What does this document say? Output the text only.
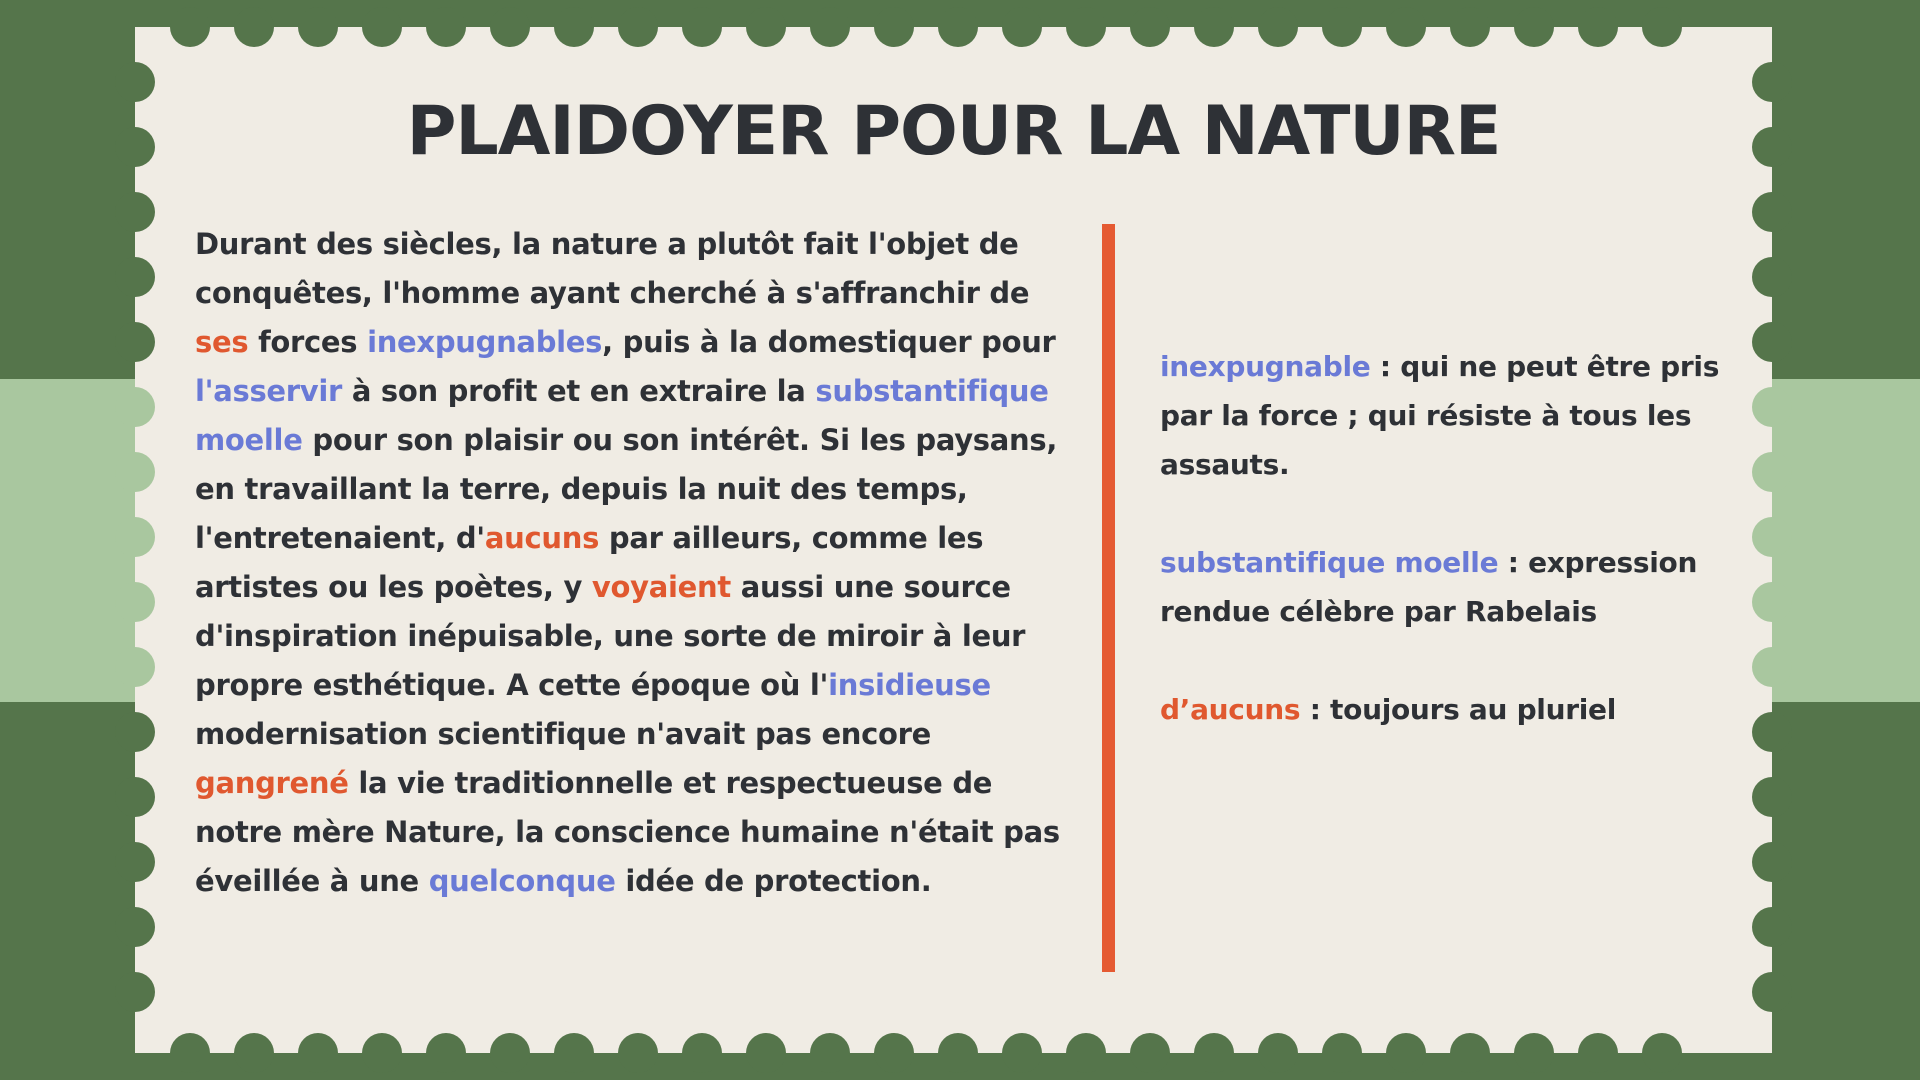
PLAIDOYER POUR LA NATURE
Durant des siècles, la nature a plutôt fait l'objet de conquêtes, l'homme ayant cherché à s'affranchir de ses forces inexpugnables, puis à la domestiquer pour l'asservir à son profit et en extraire la substantifique moelle pour son plaisir ou son intérêt. Si les paysans, en travaillant la terre, depuis la nuit des temps, l'entretenaient, d'aucuns par ailleurs, comme les artistes ou les poètes, y voyaient aussi une source d'inspiration inépuisable, une sorte de miroir à leur propre esthétique. A cette époque où l'insidieuse modernisation scientifique n'avait pas encore gangrené la vie traditionnelle et respectueuse de notre mère Nature, la conscience humaine n'était pas éveillée à une quelconque idée de protection.
inexpugnable : qui ne peut être pris par la force ; qui résiste à tous les assauts.
substantifique moelle : expression rendue célèbre par Rabelais
d’aucuns : toujours au pluriel
